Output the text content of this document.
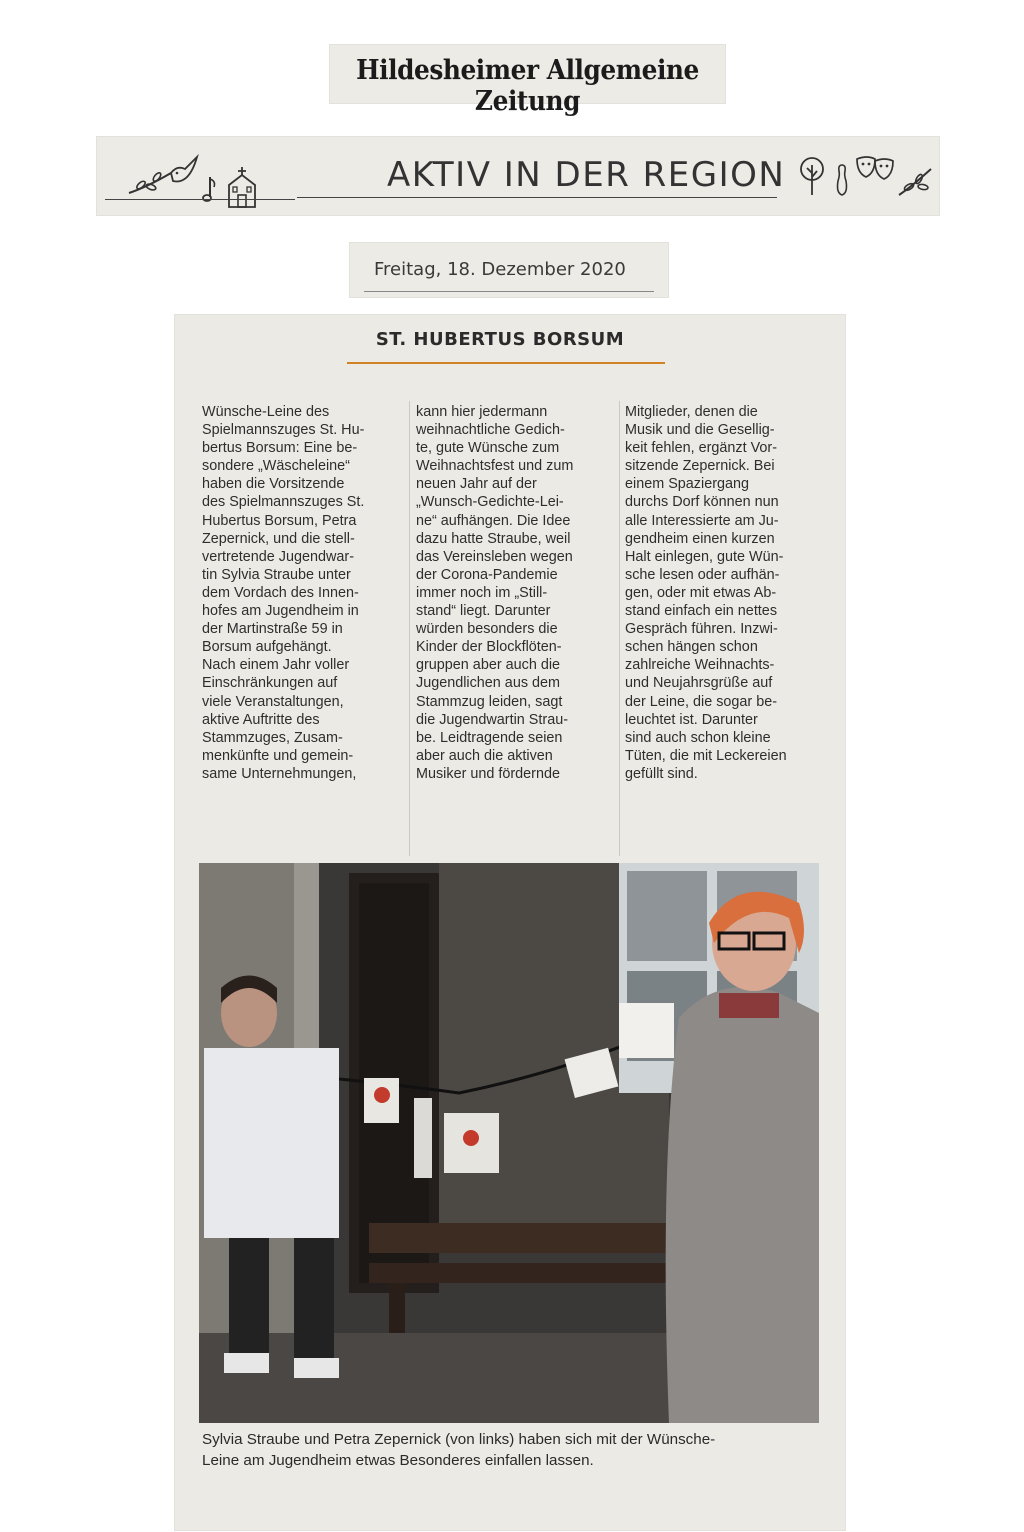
Hildesheimer Allgemeine Zeitung
AKTIV IN DER REGION
Freitag, 18. Dezember 2020
ST. HUBERTUS BORSUM
Wünsche-Leine des
Spielmannszuges St. Hu-
bertus Borsum: Eine be-
sondere „Wäscheleine“
haben die Vorsitzende
des Spielmannszuges St.
Hubertus Borsum, Petra
Zepernick, und die stell-
vertretende Jugendwar-
tin Sylvia Straube unter
dem Vordach des Innen-
hofes am Jugendheim in
der Martinstraße 59 in
Borsum aufgehängt.
Nach einem Jahr voller
Einschränkungen auf
viele Veranstaltungen,
aktive Auftritte des
Stammzuges, Zusam-
menkünfte und gemein-
same Unternehmungen,
kann hier jedermann
weihnachtliche Gedich-
te, gute Wünsche zum
Weihnachtsfest und zum
neuen Jahr auf der
„Wunsch-Gedichte-Lei-
ne“ aufhängen. Die Idee
dazu hatte Straube, weil
das Vereinsleben wegen
der Corona-Pandemie
immer noch im „Still-
stand“ liegt. Darunter
würden besonders die
Kinder der Blockflöten-
gruppen aber auch die
Jugendlichen aus dem
Stammzug leiden, sagt
die Jugendwartin Strau-
be. Leidtragende seien
aber auch die aktiven
Musiker und fördernde
Mitglieder, denen die
Musik und die Gesellig-
keit fehlen, ergänzt Vor-
sitzende Zepernick. Bei
einem Spaziergang
durchs Dorf können nun
alle Interessierte am Ju-
gendheim einen kurzen
Halt einlegen, gute Wün-
sche lesen oder aufhän-
gen, oder mit etwas Ab-
stand einfach ein nettes
Gespräch führen. Inzwi-
schen hängen schon
zahlreiche Weihnachts-
und Neujahrsgrüße auf
der Leine, die sogar be-
leuchtet ist. Darunter
sind auch schon kleine
Tüten, die mit Leckereien
gefüllt sind.
Sylvia Straube und Petra Zepernick (von links) haben sich mit der Wünsche-
Leine am Jugendheim etwas Besonderes einfallen lassen.
